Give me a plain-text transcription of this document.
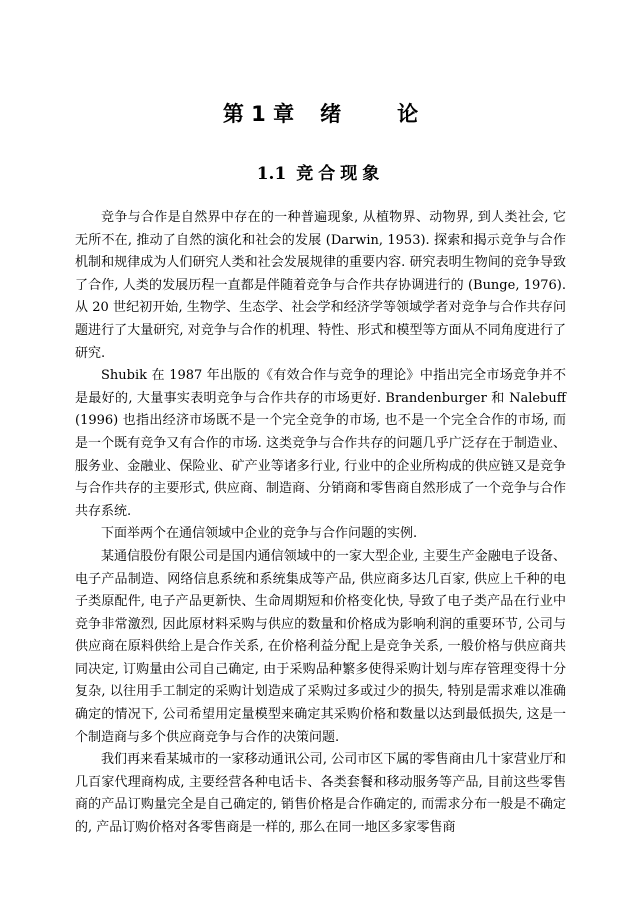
第 1 章 绪	论
1.1 竞合现象

竞争与合作是自然界中存在的一种普遍现象, 从植物界、动物界, 到人类社会, 它无所不在, 推动了自然的演化和社会的发展 (Darwin, 1953). 探索和揭示竞争与合作机制和规律成为人们研究人类和社会发展规律的重要内容. 研究表明生物间的竞争导致了合作, 人类的发展历程一直都是伴随着竞争与合作共存协调进行的 (Bunge, 1976). 从 20 世纪初开始, 生物学、生态学、社会学和经济学等领域学者对竞争与合作共存问题进行了大量研究, 对竞争与合作的机理、特性、形式和模型等方面从不同角度进行了研究.

Shubik 在 1987 年出版的《有效合作与竞争的理论》中指出完全市场竞争并不是最好的, 大量事实表明竞争与合作共存的市场更好. Brandenburger 和 Nalebuff (1996) 也指出经济市场既不是一个完全竞争的市场, 也不是一个完全合作的市场, 而是一个既有竞争又有合作的市场. 这类竞争与合作共存的问题几乎广泛存在于制造业、服务业、金融业、保险业、矿产业等诸多行业, 行业中的企业所构成的供应链又是竞争与合作共存的主要形式, 供应商、制造商、分销商和零售商自然形成了一个竞争与合作共存系统.

下面举两个在通信领域中企业的竞争与合作问题的实例.

某通信股份有限公司是国内通信领域中的一家大型企业, 主要生产金融电子设备、电子产品制造、网络信息系统和系统集成等产品, 供应商多达几百家, 供应上千种的电子类原配件, 电子产品更新快、生命周期短和价格变化快, 导致了电子类产品在行业中竞争非常激烈, 因此原材料采购与供应的数量和价格成为影响利润的重要环节, 公司与供应商在原料供给上是合作关系, 在价格利益分配上是竞争关系, 一般价格与供应商共同决定, 订购量由公司自己确定, 由于采购品种繁多使得采购计划与库存管理变得十分复杂, 以往用手工制定的采购计划造成了采购过多或过少的损失, 特别是需求难以准确确定的情况下, 公司希望用定量模型来确定其采购价格和数量以达到最低损失, 这是一个制造商与多个供应商竞争与合作的决策问题.

我们再来看某城市的一家移动通讯公司, 公司市区下属的零售商由几十家营业厅和几百家代理商构成, 主要经营各种电话卡、各类套餐和移动服务等产品, 目前这些零售商的产品订购量完全是自己确定的, 销售价格是合作确定的, 而需求分布一般是不确定的, 产品订购价格对各零售商是一样的, 那么在同一地区多家零售商
